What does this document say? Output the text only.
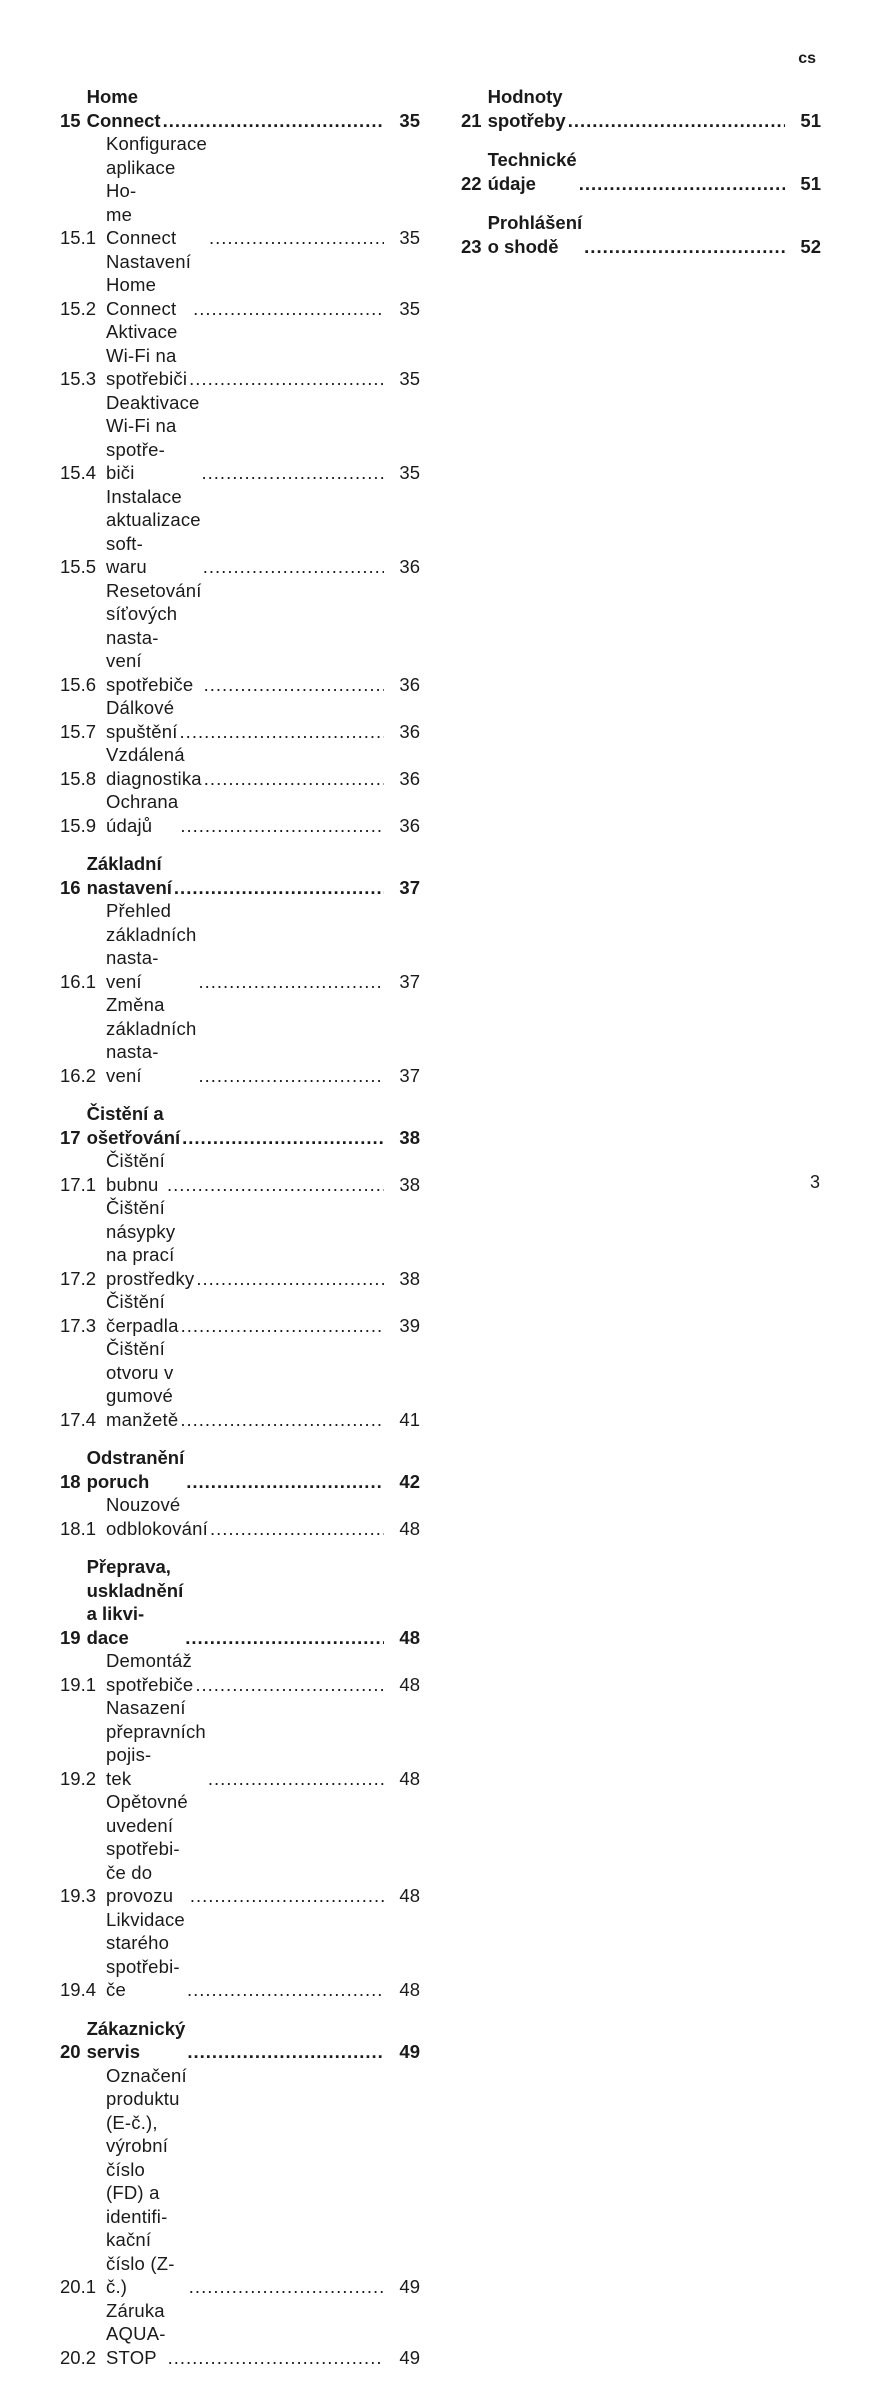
cs
15
Home Connect .....	35
15.1
Konfigurace aplikace Ho-
me Connect .....	35
15.2
Nastavení Home Connect .....	35
15.3
Aktivace Wi-Fi na spotřebiči .....	35
15.4
Deaktivace Wi-Fi na spotře-
biči .....	35
15.5
Instalace aktualizace soft-
waru .....	36
15.6
Resetování síťových nasta-
vení spotřebiče .....	36
15.7
Dálkové spuštění .....	36
15.8
Vzdálená diagnostika .....	36
15.9
Ochrana údajů .....	36
16
Základní nastavení .....	37
16.1
Přehled základních nasta-
vení .....	37
16.2
Změna základních nasta-
vení .....	37
17
Čistění a ošetřování .....	38
17.1
Čištění bubnu .....	38
17.2
Čištění násypky na prací
prostředky .....	38
17.3
Čištění čerpadla .....	39
17.4
Čištění otvoru v gumové
manžetě .....	41
18
Odstranění poruch .....	42
18.1
Nouzové odblokování .....	48
19
Přeprava, uskladnění a likvi-
dace .....	48
19.1
Demontáž spotřebiče .....	48
19.2
Nasazení přepravních pojis-
tek .....	48
19.3
Opětovné uvedení spotřebi-
če do provozu .....	48
19.4
Likvidace starého spotřebi-
če .....	48
20
Zákaznický servis .....	49
20.1
Označení produktu (E-č.),
výrobní číslo (FD) a identifi-
kační číslo (Z-č.) .....	49
20.2
Záruka AQUA-STOP .....	49
21
Hodnoty spotřeby .....	51
22
Technické údaje .....	51
23
Prohlášení o shodě .....	52
3
